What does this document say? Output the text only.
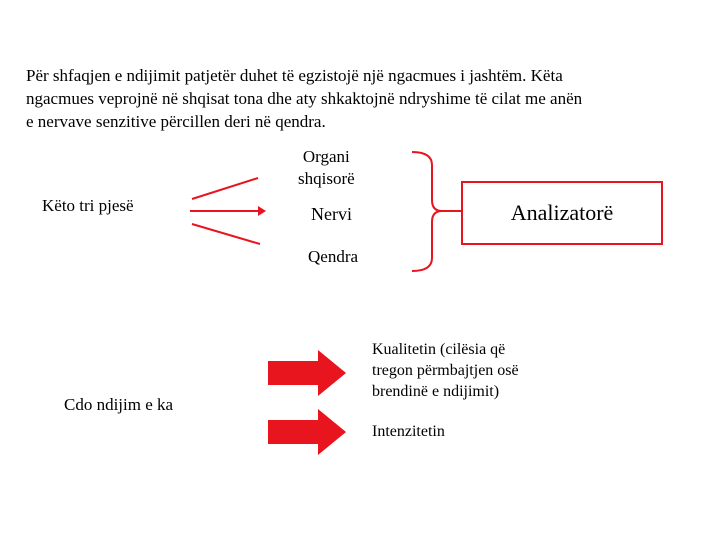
Për shfaqjen e ndijimit patjetër duhet të egzistojë një ngacmues i jashtëm. Këta
ngacmues veprojnë në shqisat tona dhe aty shkaktojnë ndryshime të cilat me anën
e nervave senzitive përcillen deri në qendra.
Këto tri pjesë
Organi
shqisorë
Nervi
Qendra
Analizatorë
Cdo ndijim e ka
Kualitetin (cilësia që
tregon përmbajtjen osë
brendinë e ndijimit)
Intenzitetin
